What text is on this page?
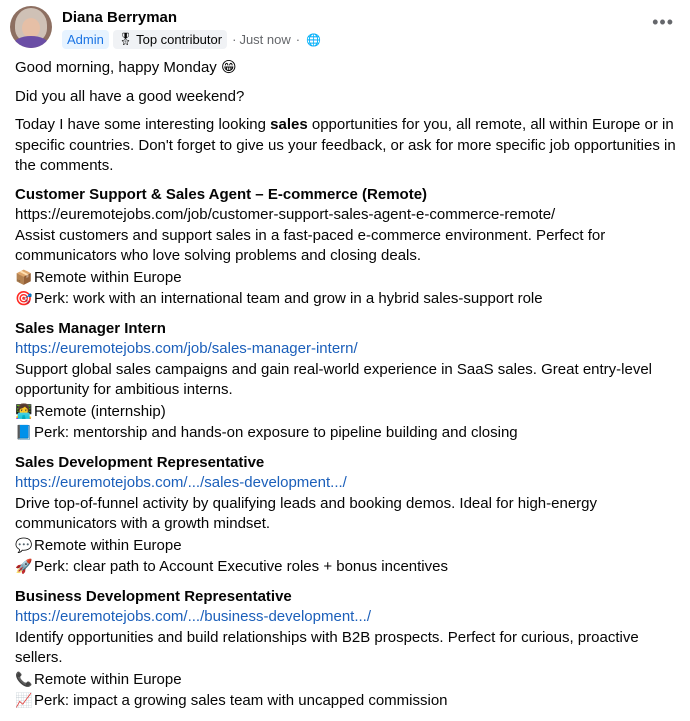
Diana Berryman
Admin	🎖 Top contributor · Just now · 🌐
•••

Good morning, happy Monday 😁

Did you all have a good weekend?

Today I have some interesting looking sales opportunities for you, all remote, all within Europe or in specific countries. Don't forget to give us your feedback, or ask for more specific job opportunities in the comments.

Customer Support & Sales Agent – E-commerce (Remote)

https://euremotejobs.com/job/customer-support-sales-agent-e-commerce-remote/

Assist customers and support sales in a fast-paced e-commerce environment. Perfect for communicators who love solving problems and closing deals.

📦 Remote within Europe

🎯 Perk: work with an international team and grow in a hybrid sales-support role

Sales Manager Intern

https://euremotejobs.com/job/sales-manager-intern/

Support global sales campaigns and gain real-world experience in SaaS sales. Great entry-level opportunity for ambitious interns.

👩‍💻 Remote (internship)

📘 Perk: mentorship and hands-on exposure to pipeline building and closing

Sales Development Representative

https://euremotejobs.com/.../sales-development.../

Drive top-of-funnel activity by qualifying leads and booking demos. Ideal for high-energy communicators with a growth mindset.

💬 Remote within Europe

🚀 Perk: clear path to Account Executive roles + bonus incentives

Business Development Representative

https://euremotejobs.com/.../business-development.../

Identify opportunities and build relationships with B2B prospects. Perfect for curious, proactive sellers.

📞 Remote within Europe

📈 Perk: impact a growing sales team with uncapped commission
